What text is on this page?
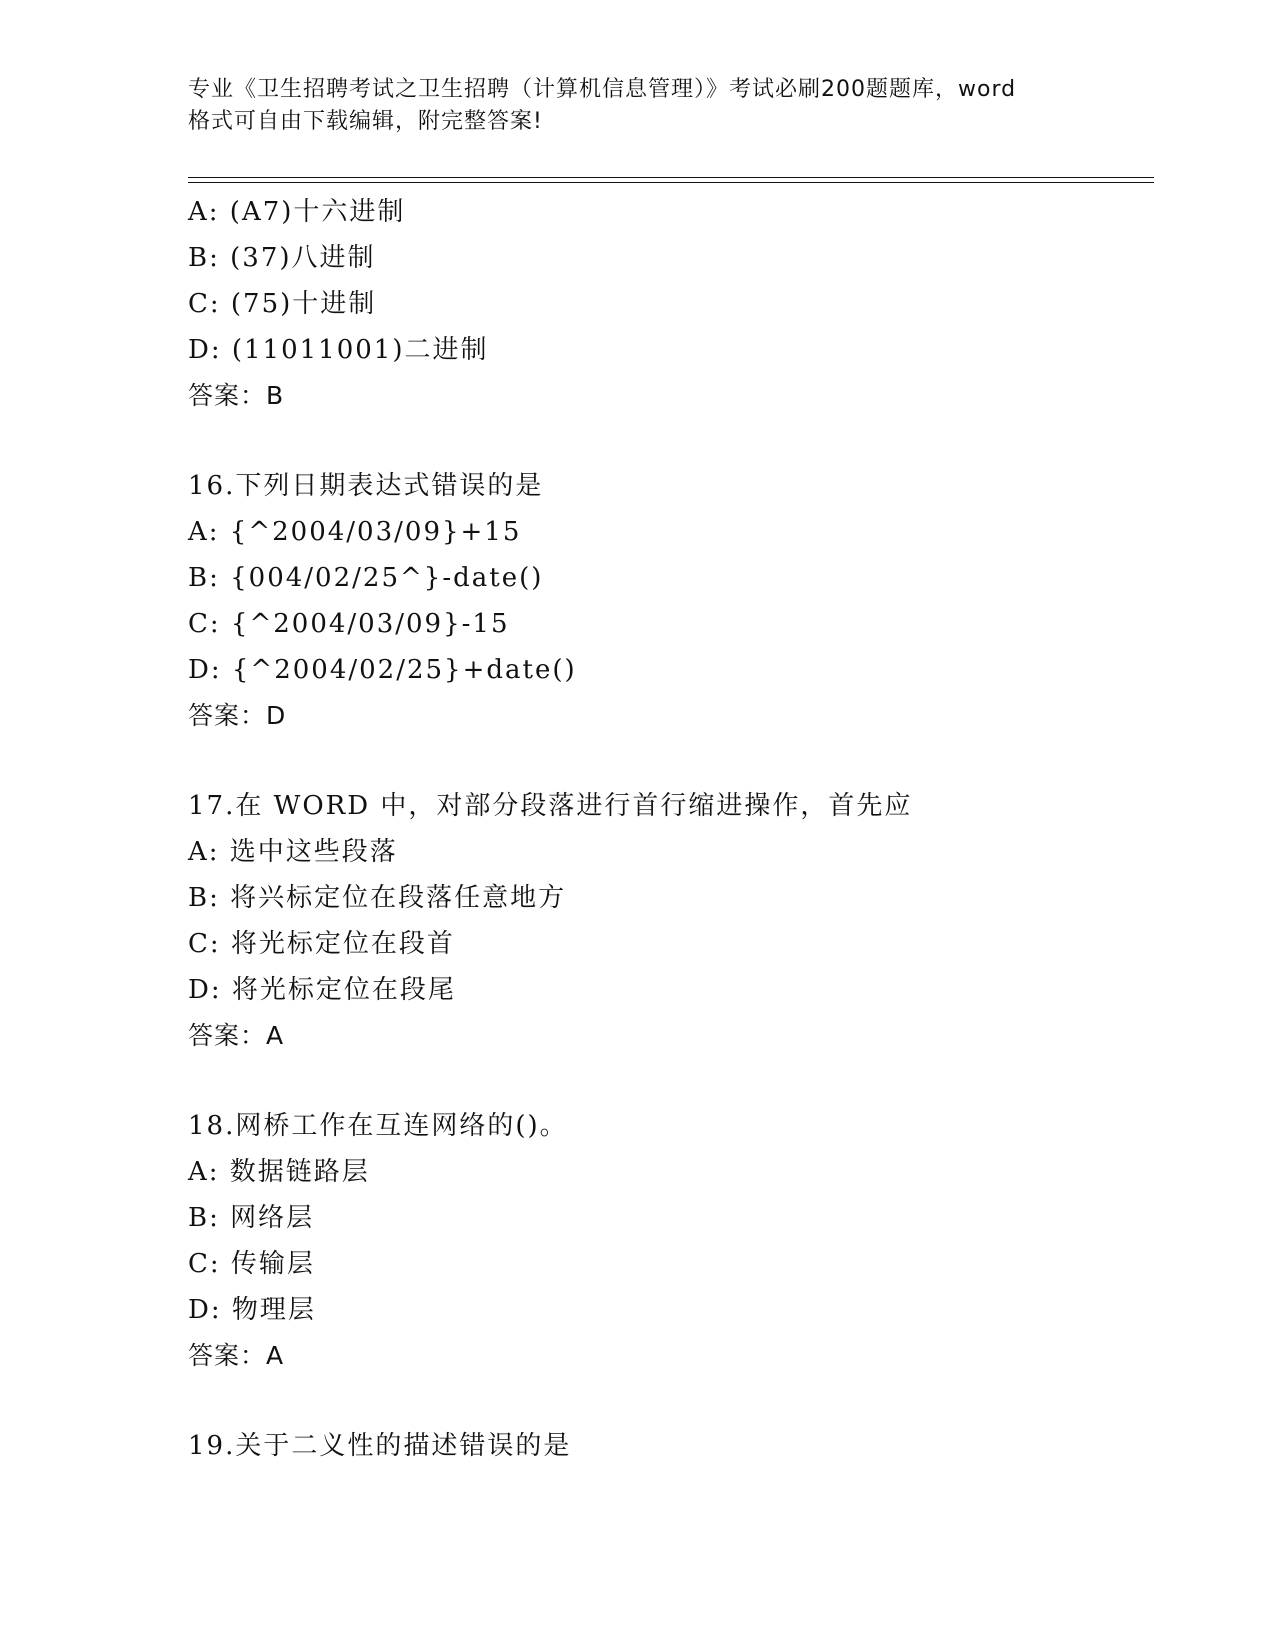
专业《卫生招聘考试之卫生招聘（计算机信息管理）》考试必刷200题题库，word
格式可自由下载编辑，附完整答案!
A: (A7)十六进制
B: (37)八进制
C: (75)十进制
D: (11011001)二进制
答案：B
16.下列日期表达式错误的是
A: {^2004/03/09}+15
B: {004/02/25^}-date()
C: {^2004/03/09}-15
D: {^2004/02/25}+date()
答案：D
17.在 WORD 中，对部分段落进行首行缩进操作，首先应
A: 选中这些段落
B: 将兴标定位在段落任意地方
C: 将光标定位在段首
D: 将光标定位在段尾
答案：A
18.网桥工作在互连网络的()。
A: 数据链路层
B: 网络层
C: 传输层
D: 物理层
答案：A
19.关于二义性的描述错误的是
